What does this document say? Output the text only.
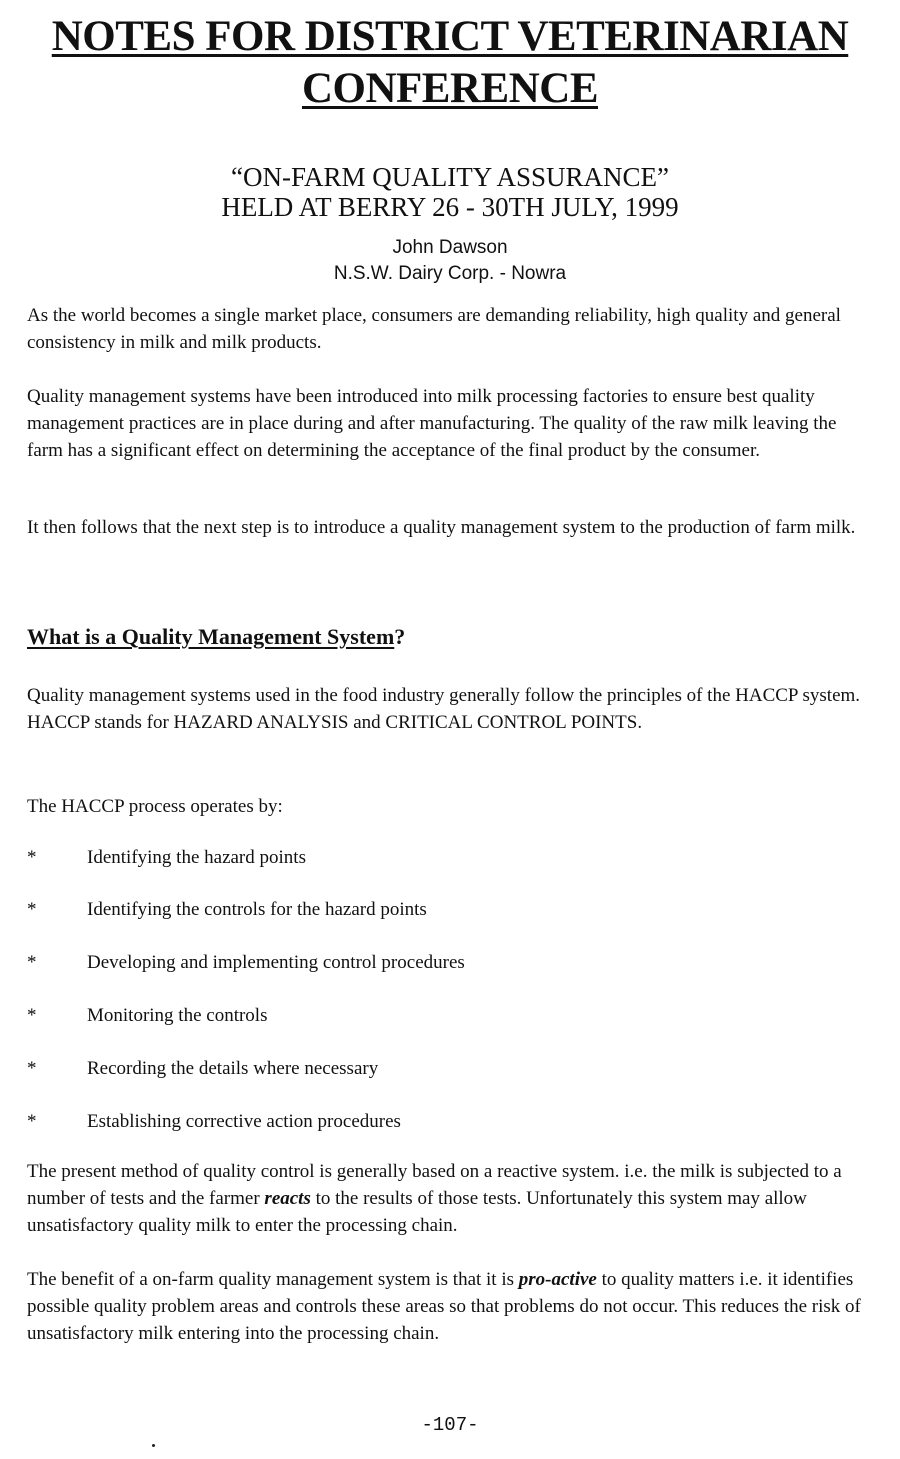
NOTES FOR DISTRICT VETERINARIAN
CONFERENCE

“ON-FARM QUALITY ASSURANCE”

HELD AT BERRY 26 - 30TH JULY, 1999

John Dawson

N.S.W. Dairy Corp. - Nowra

As the world becomes a single market place, consumers are demanding reliability, high quality and general consistency in milk and milk products.

Quality management systems have been introduced into milk processing factories to ensure best quality management practices are in place during and after manufacturing. The quality of the raw milk leaving the farm has a significant effect on determining the acceptance of the final product by the consumer.

It then follows that the next step is to introduce a quality management system to the production of farm milk.

What is a Quality Management System?

Quality management systems used in the food industry generally follow the principles of the HACCP system. HACCP stands for HAZARD ANALYSIS and CRITICAL CONTROL POINTS.

The HACCP process operates by:

*	Identifying the hazard points
*	Identifying the controls for the hazard points
*	Developing and implementing control procedures
*	Monitoring the controls
*	Recording the details where necessary
*	Establishing corrective action procedures

The present method of quality control is generally based on a reactive system. i.e. the milk is subjected to a number of tests and the farmer reacts to the results of those tests. Unfortunately this system may allow unsatisfactory quality milk to enter the processing chain.

The benefit of a on-farm quality management system is that it is pro-active to quality matters i.e. it identifies possible quality problem areas and controls these areas so that problems do not occur. This reduces the risk of unsatisfactory milk entering into the processing chain.

-107-
